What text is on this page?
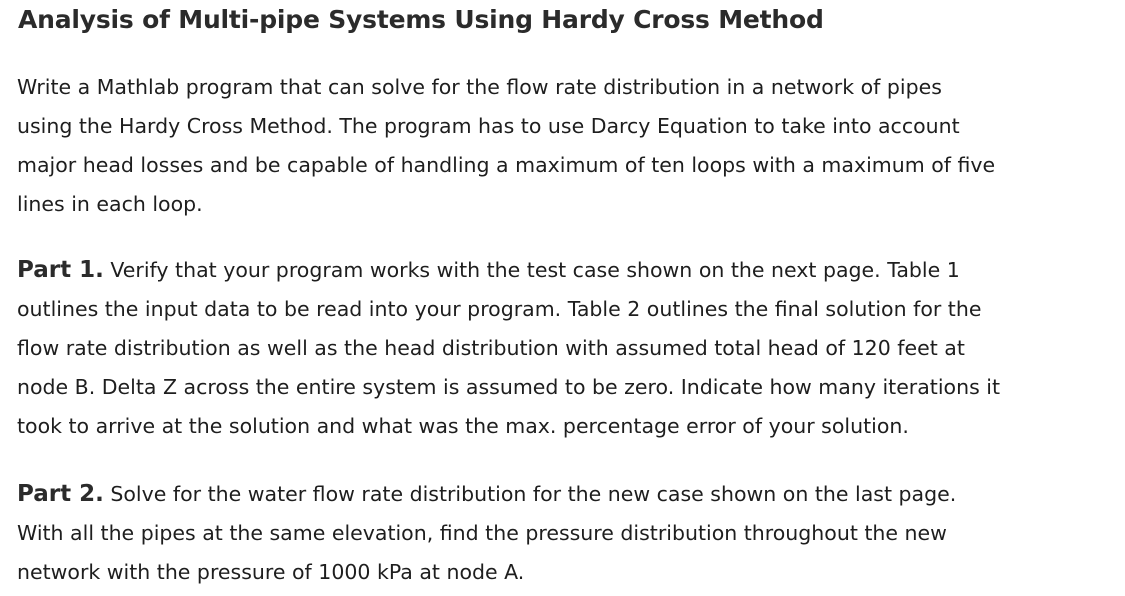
Analysis of Multi-pipe Systems Using Hardy Cross Method

Write a Mathlab program that can solve for the flow rate distribution in a network of pipes
using the Hardy Cross Method. The program has to use Darcy Equation to take into account
major head losses and be capable of handling a maximum of ten loops with a maximum of five
lines in each loop.

Part 1. Verify that your program works with the test case shown on the next page. Table 1
outlines the input data to be read into your program. Table 2 outlines the final solution for the
flow rate distribution as well as the head distribution with assumed total head of 120 feet at
node B. Delta Z across the entire system is assumed to be zero. Indicate how many iterations it
took to arrive at the solution and what was the max. percentage error of your solution.

Part 2. Solve for the water flow rate distribution for the new case shown on the last page.
With all the pipes at the same elevation, find the pressure distribution throughout the new
network with the pressure of 1000 kPa at node A.
